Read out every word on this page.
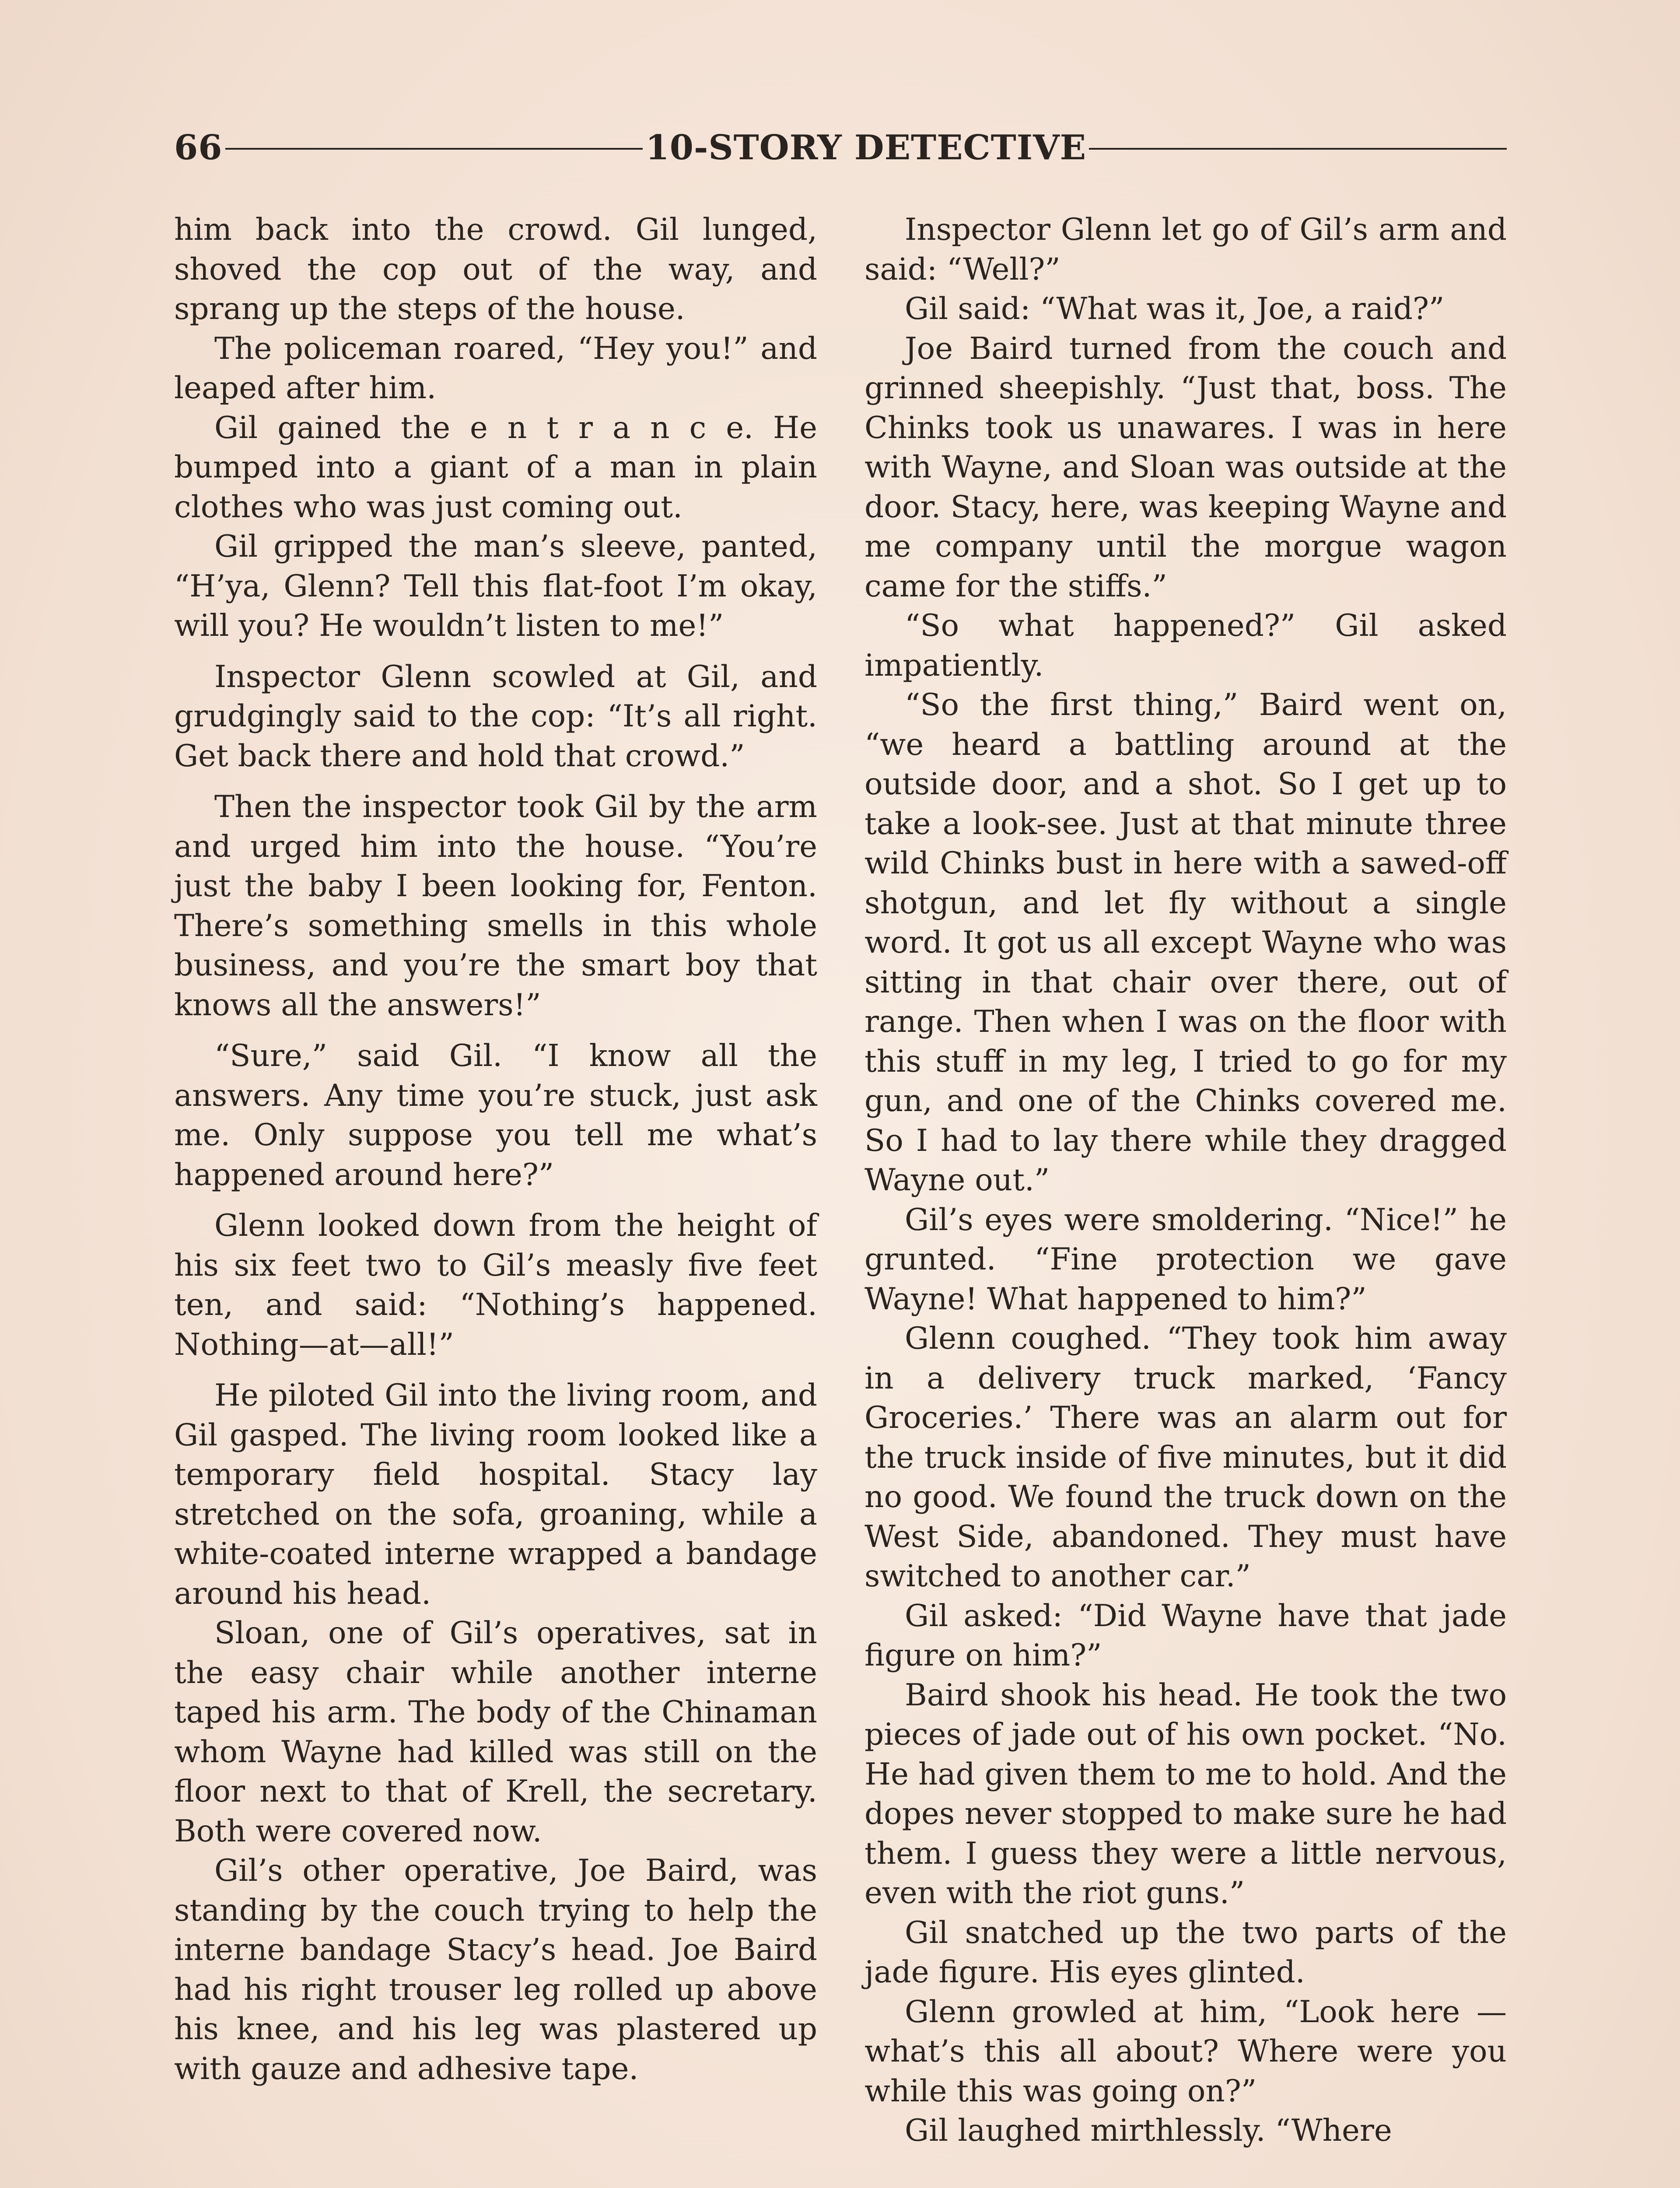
66	10-STORY DETECTIVE

him back into the crowd. Gil lunged, shoved the cop out of the way, and sprang up the steps of the house.

The policeman roared, “Hey you!” and leaped after him.

Gil gained the e n t r a n c e. He bumped into a giant of a man in plain clothes who was just coming out.

Gil gripped the man’s sleeve, panted, “H’ya, Glenn? Tell this flat-foot I’m okay, will you? He wouldn’t listen to me!”

Inspector Glenn scowled at Gil, and grudgingly said to the cop: “It’s all right. Get back there and hold that crowd.”

Then the inspector took Gil by the arm and urged him into the house. “You’re just the baby I been looking for, Fenton. There’s something smells in this whole business, and you’re the smart boy that knows all the answers!”

“Sure,” said Gil. “I know all the answers. Any time you’re stuck, just ask me. Only suppose you tell me what’s happened around here?”

Glenn looked down from the height of his six feet two to Gil’s measly five feet ten, and said: “Nothing’s happened. Nothing—at—all!”

He piloted Gil into the living room, and Gil gasped. The living room looked like a temporary field hospital. Stacy lay stretched on the sofa, groaning, while a white-coated interne wrapped a bandage around his head.

Sloan, one of Gil’s operatives, sat in the easy chair while another interne taped his arm. The body of the Chinaman whom Wayne had killed was still on the floor next to that of Krell, the secretary. Both were covered now.

Gil’s other operative, Joe Baird, was standing by the couch trying to help the interne bandage Stacy’s head. Joe Baird had his right trouser leg rolled up above his knee, and his leg was plastered up with gauze and adhesive tape.

Inspector Glenn let go of Gil’s arm and said: “Well?”

Gil said: “What was it, Joe, a raid?”

Joe Baird turned from the couch and grinned sheepishly. “Just that, boss. The Chinks took us unawares. I was in here with Wayne, and Sloan was outside at the door. Stacy, here, was keeping Wayne and me company until the morgue wagon came for the stiffs.”

“So what happened?” Gil asked impatiently.

“So the first thing,” Baird went on, “we heard a battling around at the outside door, and a shot. So I get up to take a look-see. Just at that minute three wild Chinks bust in here with a sawed-off shotgun, and let fly without a single word. It got us all except Wayne who was sitting in that chair over there, out of range. Then when I was on the floor with this stuff in my leg, I tried to go for my gun, and one of the Chinks covered me. So I had to lay there while they dragged Wayne out.”

Gil’s eyes were smoldering. “Nice!” he grunted. “Fine protection we gave Wayne! What happened to him?”

Glenn coughed. “They took him away in a delivery truck marked, ‘Fancy Groceries.’ There was an alarm out for the truck inside of five minutes, but it did no good. We found the truck down on the West Side, abandoned. They must have switched to another car.”

Gil asked: “Did Wayne have that jade figure on him?”

Baird shook his head. He took the two pieces of jade out of his own pocket. “No. He had given them to me to hold. And the dopes never stopped to make sure he had them. I guess they were a little nervous, even with the riot guns.”

Gil snatched up the two parts of the jade figure. His eyes glinted.

Glenn growled at him, “Look here —what’s this all about? Where were you while this was going on?”

Gil laughed mirthlessly. “Where
